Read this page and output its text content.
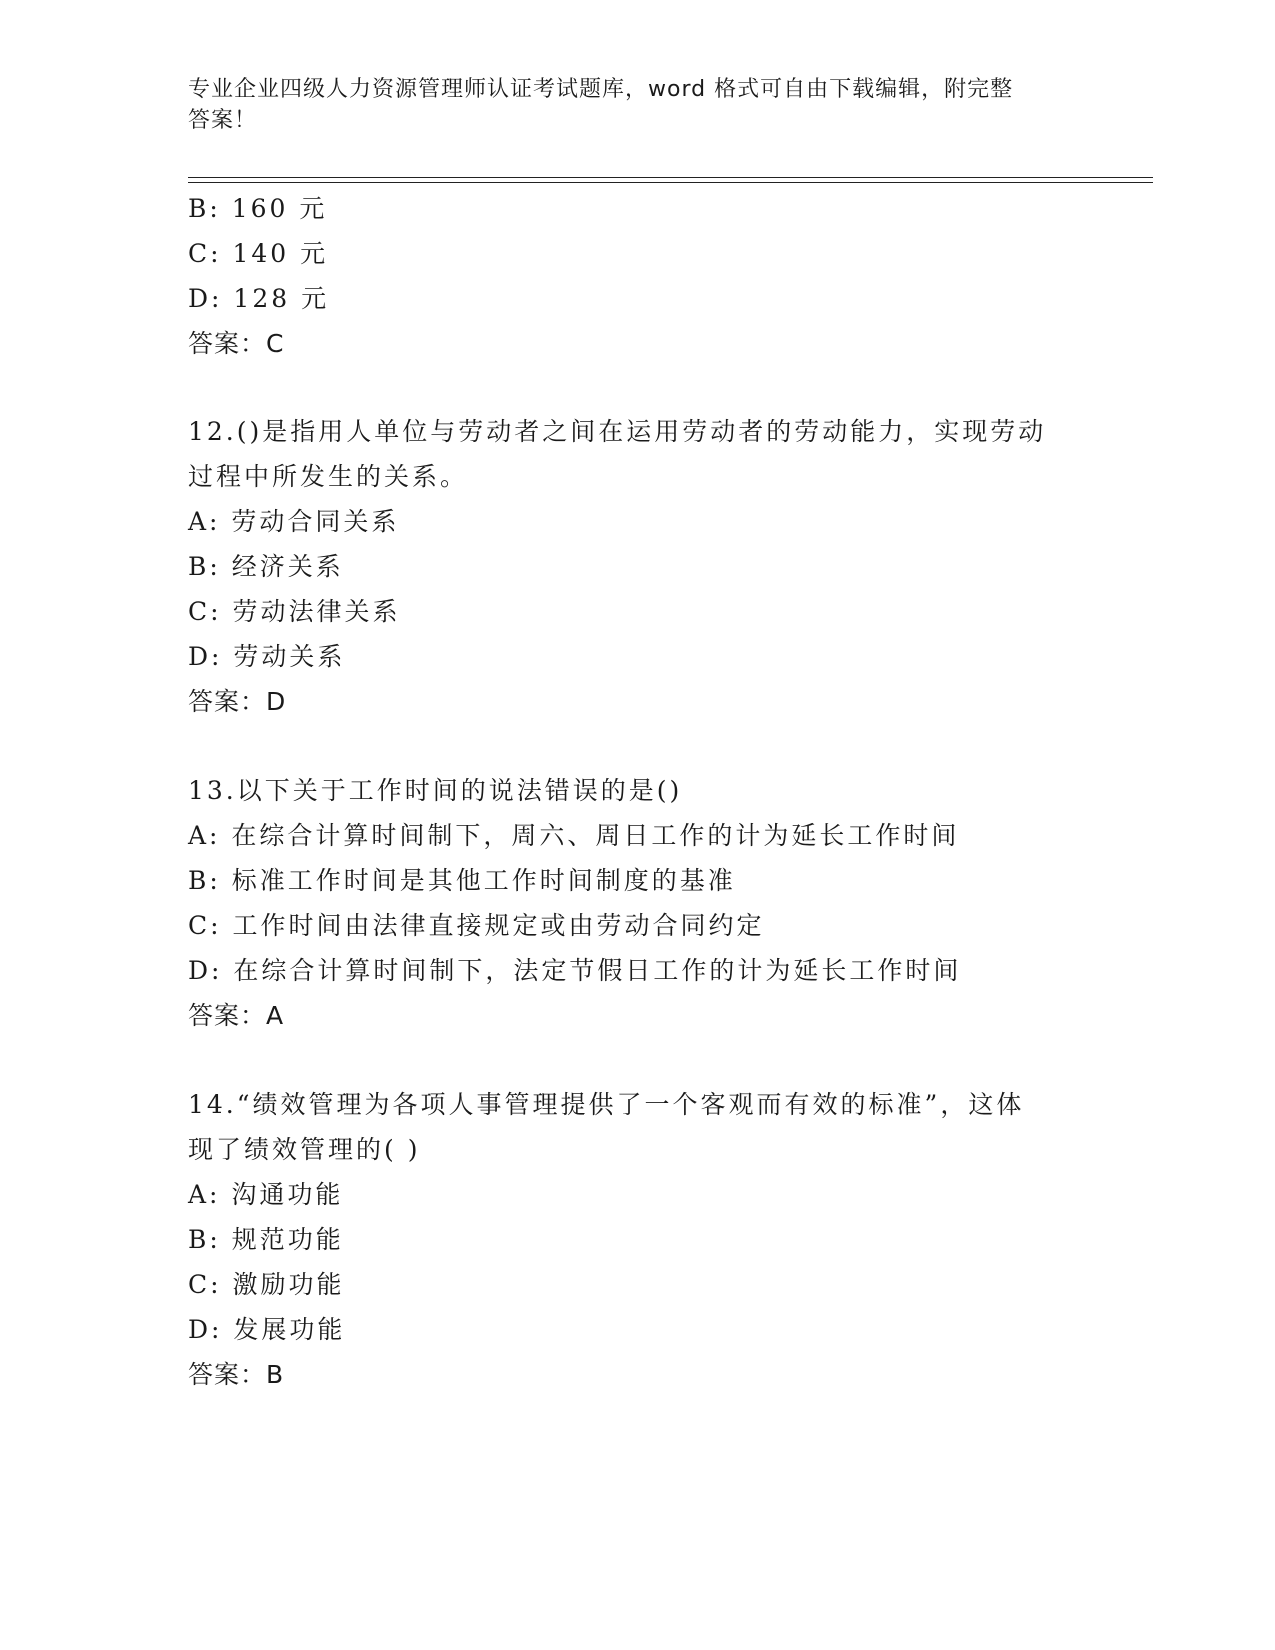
专业企业四级人力资源管理师认证考试题库，word 格式可自由下载编辑，附完整
答案！
B: 160 元
C: 140 元
D: 128 元
答案：C
12.()是指用人单位与劳动者之间在运用劳动者的劳动能力，实现劳动
过程中所发生的关系。
A: 劳动合同关系
B: 经济关系
C: 劳动法律关系
D: 劳动关系
答案：D
13.以下关于工作时间的说法错误的是()
A: 在综合计算时间制下，周六、周日工作的计为延长工作时间
B: 标准工作时间是其他工作时间制度的基准
C: 工作时间由法律直接规定或由劳动合同约定
D: 在综合计算时间制下，法定节假日工作的计为延长工作时间
答案：A
14.“绩效管理为各项人事管理提供了一个客观而有效的标准”，这体
现了绩效管理的( )
A: 沟通功能
B: 规范功能
C: 激励功能
D: 发展功能
答案：B
